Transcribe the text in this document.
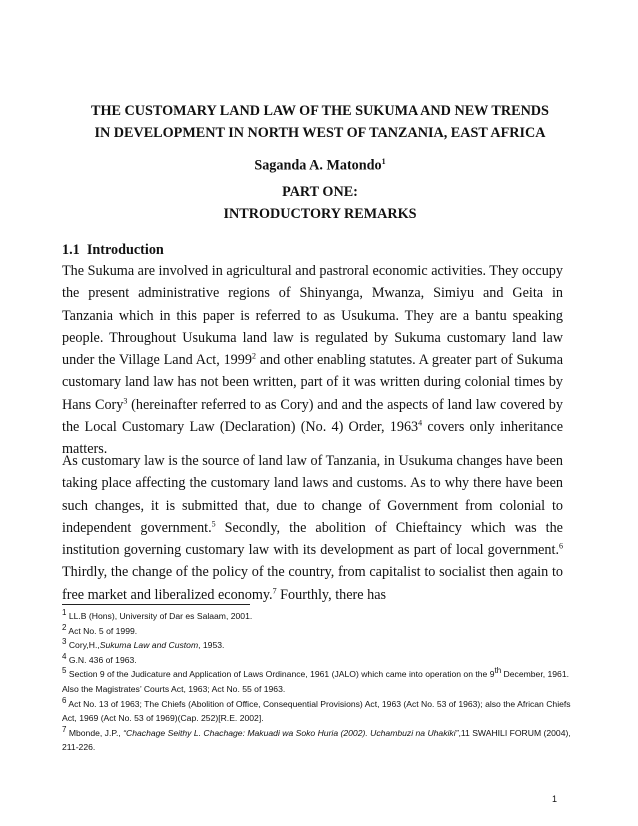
THE CUSTOMARY LAND LAW OF THE SUKUMA AND NEW TRENDS
IN DEVELOPMENT IN NORTH WEST OF TANZANIA, EAST AFRICA
Saganda A. Matondo$^1$
PART ONE:
INTRODUCTORY REMARKS
1.1 Introduction
The Sukuma are involved in agricultural and pastroral economic activities. They occupy the present administrative regions of Shinyanga, Mwanza, Simiyu and Geita in Tanzania which in this paper is referred to as Usukuma. They are a bantu speaking people. Throughout Usukuma land law is regulated by Sukuma customary land law under the Village Land Act, 1999$^2$ and other enabling statutes. A greater part of Sukuma customary land law has not been written, part of it was written during colonial times by Hans Cory$^3$ (hereinafter referred to as Cory) and and the aspects of land law covered by the Local Customary Law (Declaration) (No. 4) Order, 1963$^4$ covers only inheritance matters.
As customary law is the source of land law of Tanzania, in Usukuma changes have been taking place affecting the customary land laws and customs. As to why there have been such changes, it is submitted that, due to change of Government from colonial to independent government.$^5$ Secondly, the abolition of Chieftaincy which was the institution governing customary law with its development as part of local government.$^6$ Thirdly, the change of the policy of the country, from capitalist to socialist then again to free market and liberalized economy.$^7$ Fourthly, there has

$^1$ LL.B (Hons), University of Dar es Salaam, 2001.

$^2$ Act No. 5 of 1999.

$^3$ Cory,H.,Sukuma Law and Custom, 1953.

$^4$ G.N. 436 of 1963.

$^5$ Section 9 of the Judicature and Application of Laws Ordinance, 1961 (JALO) which came into operation on the 9th December, 1961. Also the Magistrates’ Courts Act, 1963; Act No. 55 of 1963.

$^6$ Act No. 13 of 1963; The Chiefs (Abolition of Office, Consequential Provisions) Act, 1963 (Act No. 53 of 1963); also the African Chiefs Act, 1969 (Act No. 53 of 1969)(Cap. 252)[R.E. 2002].

$^7$ Mbonde, J.P., “Chachage Seithy L. Chachage: Makuadi wa Soko Huria (2002). Uchambuzi na Uhakiki”,11 SWAHILI FORUM (2004), 211-226.

1
